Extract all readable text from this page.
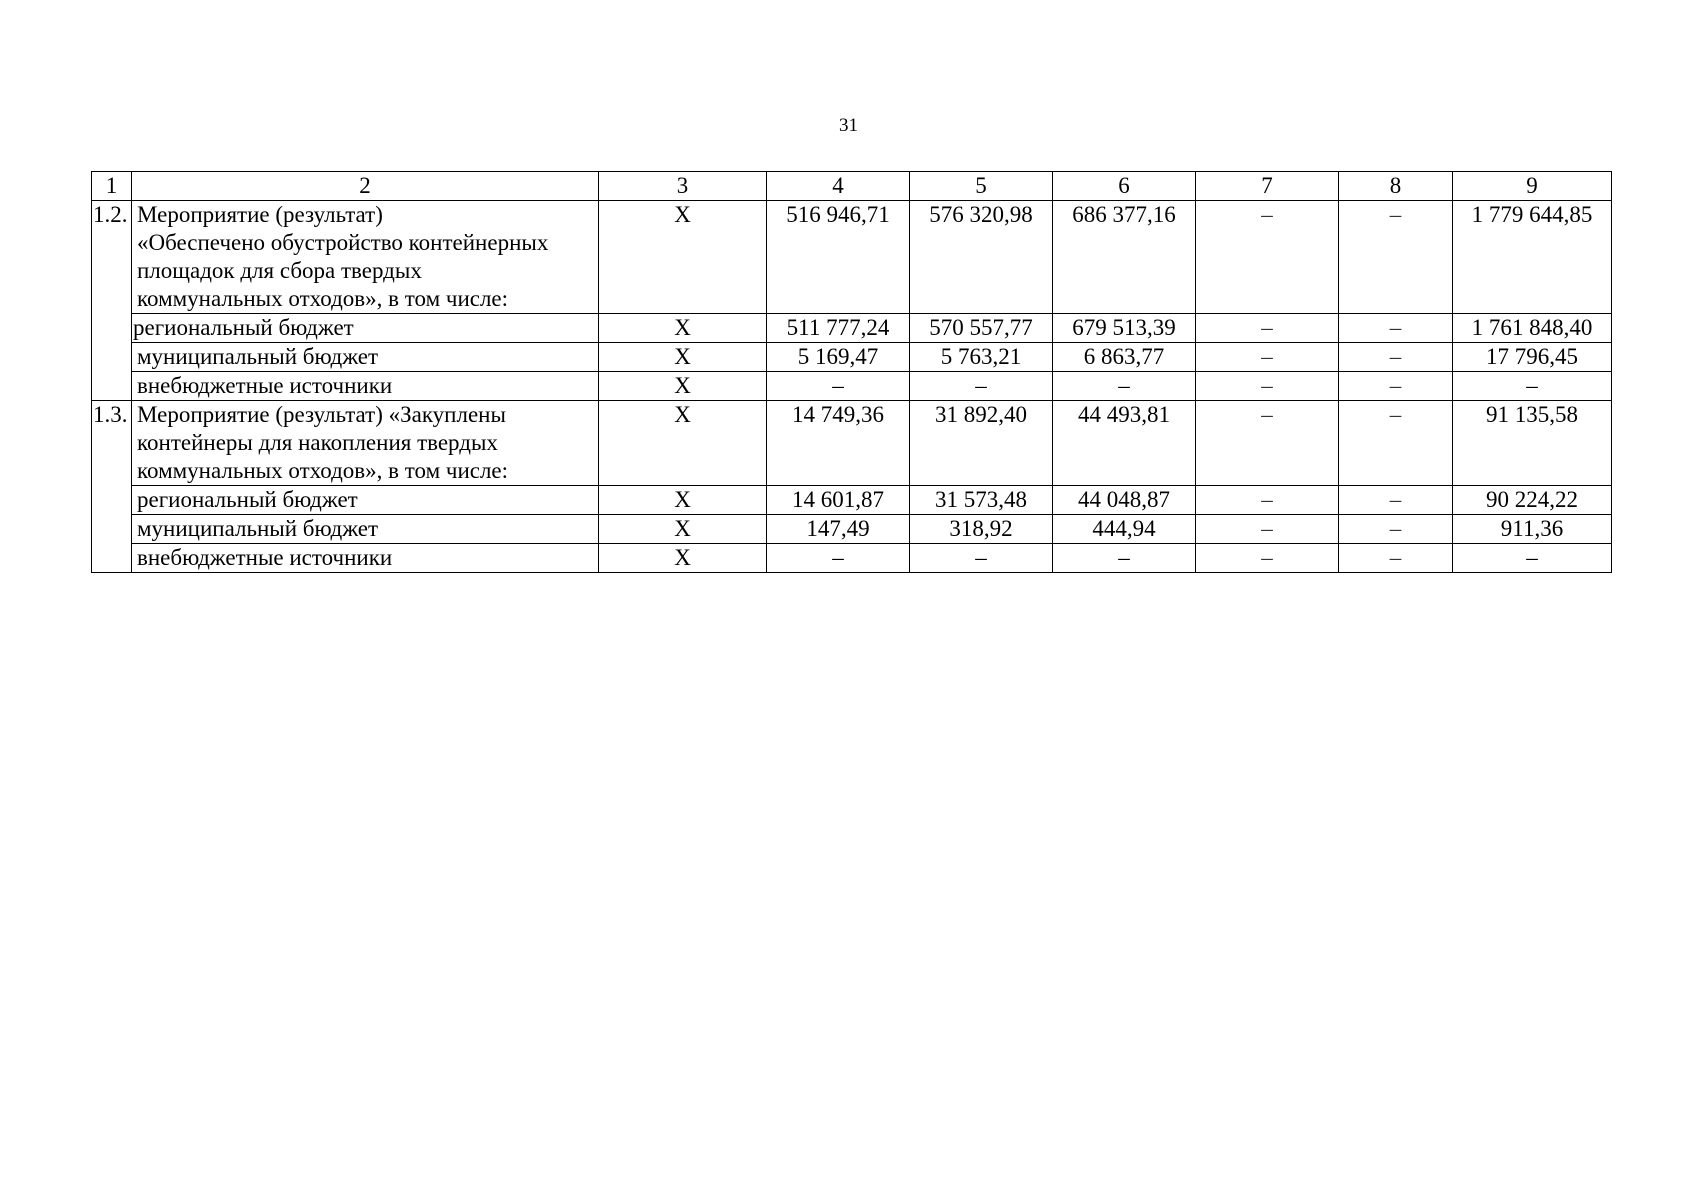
31
1	2	3	4	5	6	7	8	9
1.2.	Мероприятие (результат)
«Обеспечено обустройство контейнерных
площадок для сбора твердых
коммунальных отходов», в том числе:	X	516 946,71	576 320,98	686 377,16	–	–	1 779 644,85
	региональный бюджет	X	511 777,24	570 557,77	679 513,39	–	–	1 761 848,40
	муниципальный бюджет	X	5 169,47	5 763,21	6 863,77	–	–	17 796,45
	внебюджетные источники	X	–	–	–	–	–	–
1.3.	Мероприятие (результат) «Закуплены
контейнеры для накопления твердых
коммунальных отходов», в том числе:	X	14 749,36	31 892,40	44 493,81	–	–	91 135,58
	региональный бюджет	X	14 601,87	31 573,48	44 048,87	–	–	90 224,22
	муниципальный бюджет	X	147,49	318,92	444,94	–	–	911,36
	внебюджетные источники	X	–	–	–	–	–	–
